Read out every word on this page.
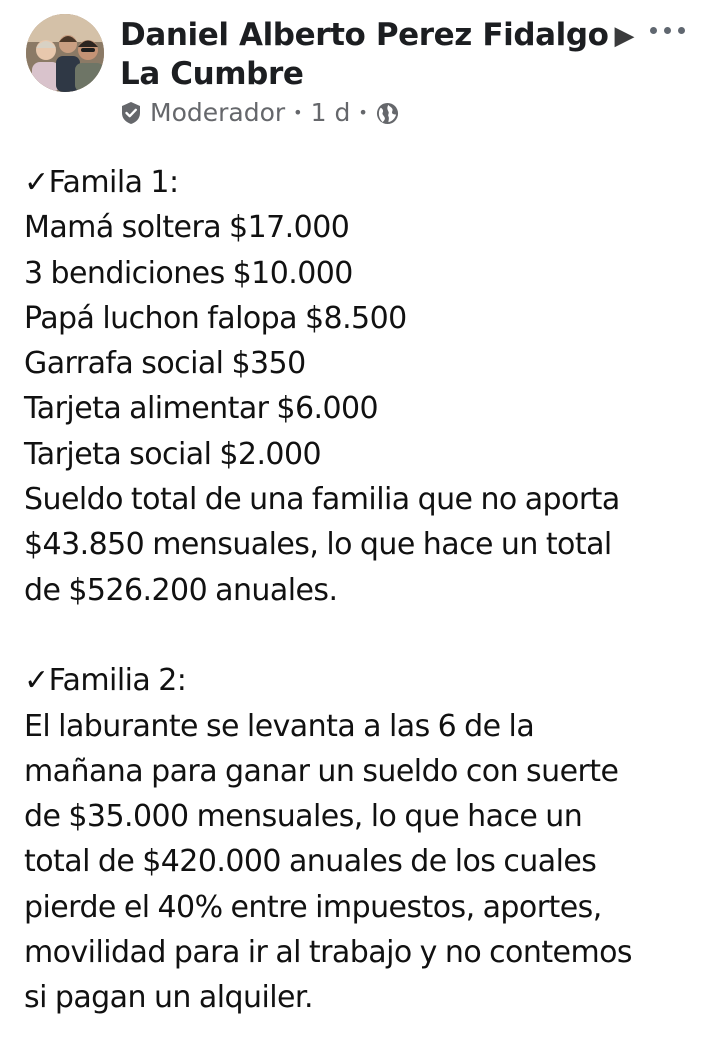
Daniel Alberto Perez Fidalgo ▶
La Cumbre
Moderador • 1 d •
✓Famila 1:
Mamá soltera $17.000
3 bendiciones $10.000
Papá luchon falopa $8.500
Garrafa social $350
Tarjeta alimentar $6.000
Tarjeta social $2.000
Sueldo total de una familia que no aporta
$43.850 mensuales, lo que hace un total
de $526.200 anuales.
✓Familia 2:
El laburante se levanta a las 6 de la
mañana para ganar un sueldo con suerte
de $35.000 mensuales, lo que hace un
total de $420.000 anuales de los cuales
pierde el 40% entre impuestos, aportes,
movilidad para ir al trabajo y no contemos
si pagan un alquiler.
